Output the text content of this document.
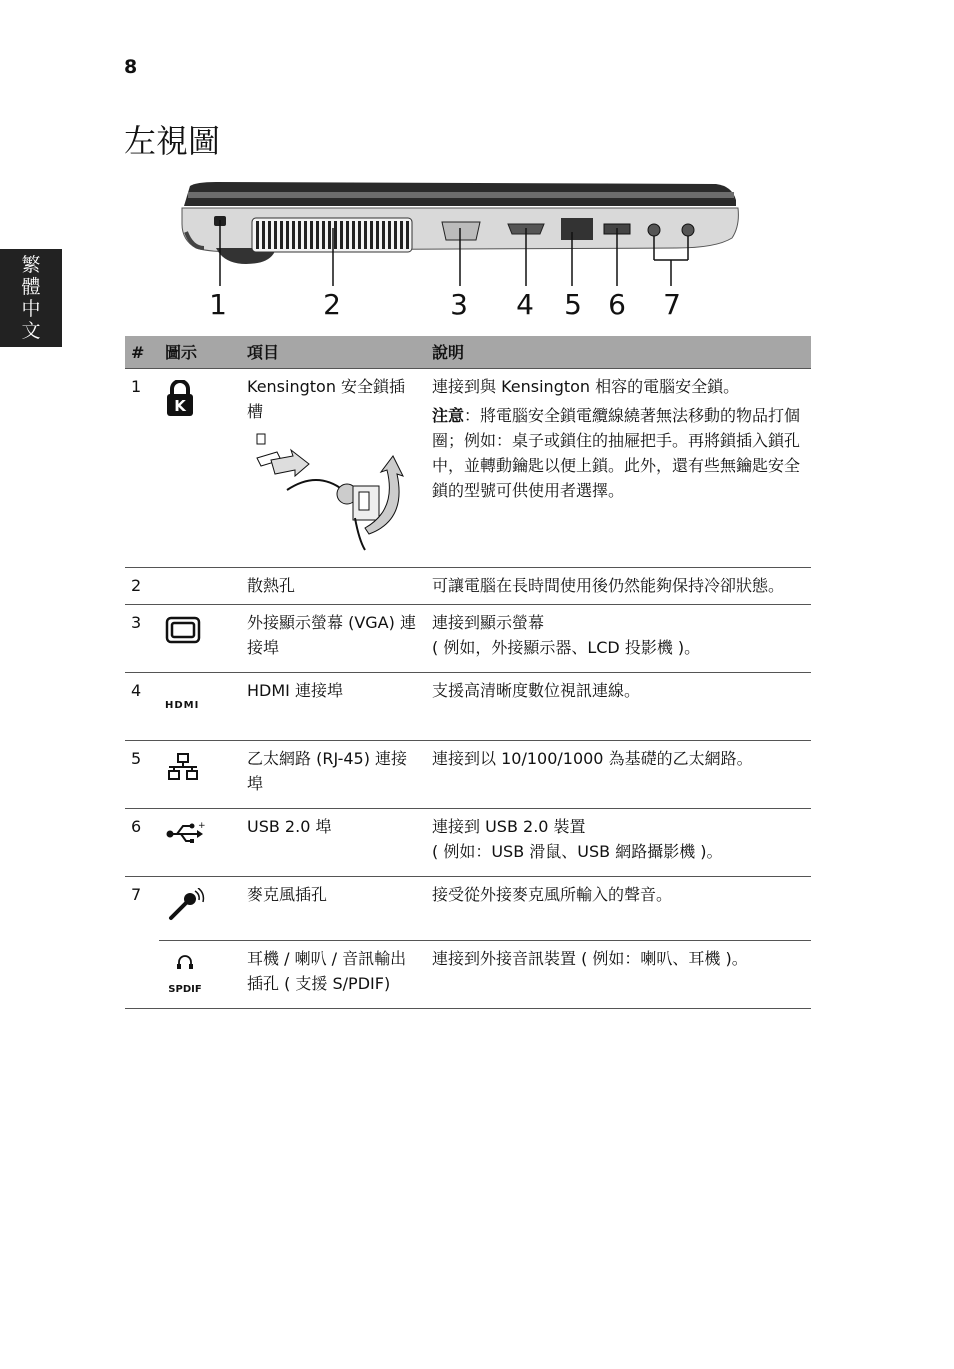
8
繁
體
中
文
左視圖
1	2	3 4 5 6 7
#	圖示	項目	說明
1	K	Kensington 安全鎖插槽	連接到與 Kensington 相容的電腦安全鎖。
注意：將電腦安全鎖電纜線繞著無法移動的物品打個圈；例如：桌子或鎖住的抽屜把手。再將鎖插入鎖孔中，並轉動鑰匙以便上鎖。此外，還有些無鑰匙安全鎖的型號可供使用者選擇。

2		散熱孔	可讓電腦在長時間使用後仍然能夠保持冷卻狀態。
3		外接顯示螢幕 (VGA) 連接埠	連接到顯示螢幕
( 例如，外接顯示器、LCD 投影機 )。

4	HDMI	HDMI 連接埠	支援高清晰度數位視訊連線。
5		乙太網路 (RJ-45) 連接埠	連接到以 10/100/1000 為基礎的乙太網路。
6	+	USB 2.0 埠	連接到 USB 2.0 裝置
( 例如：USB 滑鼠、USB 網路攝影機 )。

7		麥克風插孔	接受從外接麥克風所輸入的聲音。

	SPDIF	耳機 / 喇叭 / 音訊輸出插孔 ( 支援 S/PDIF)	連接到外接音訊裝置 ( 例如：喇叭、耳機 )。
